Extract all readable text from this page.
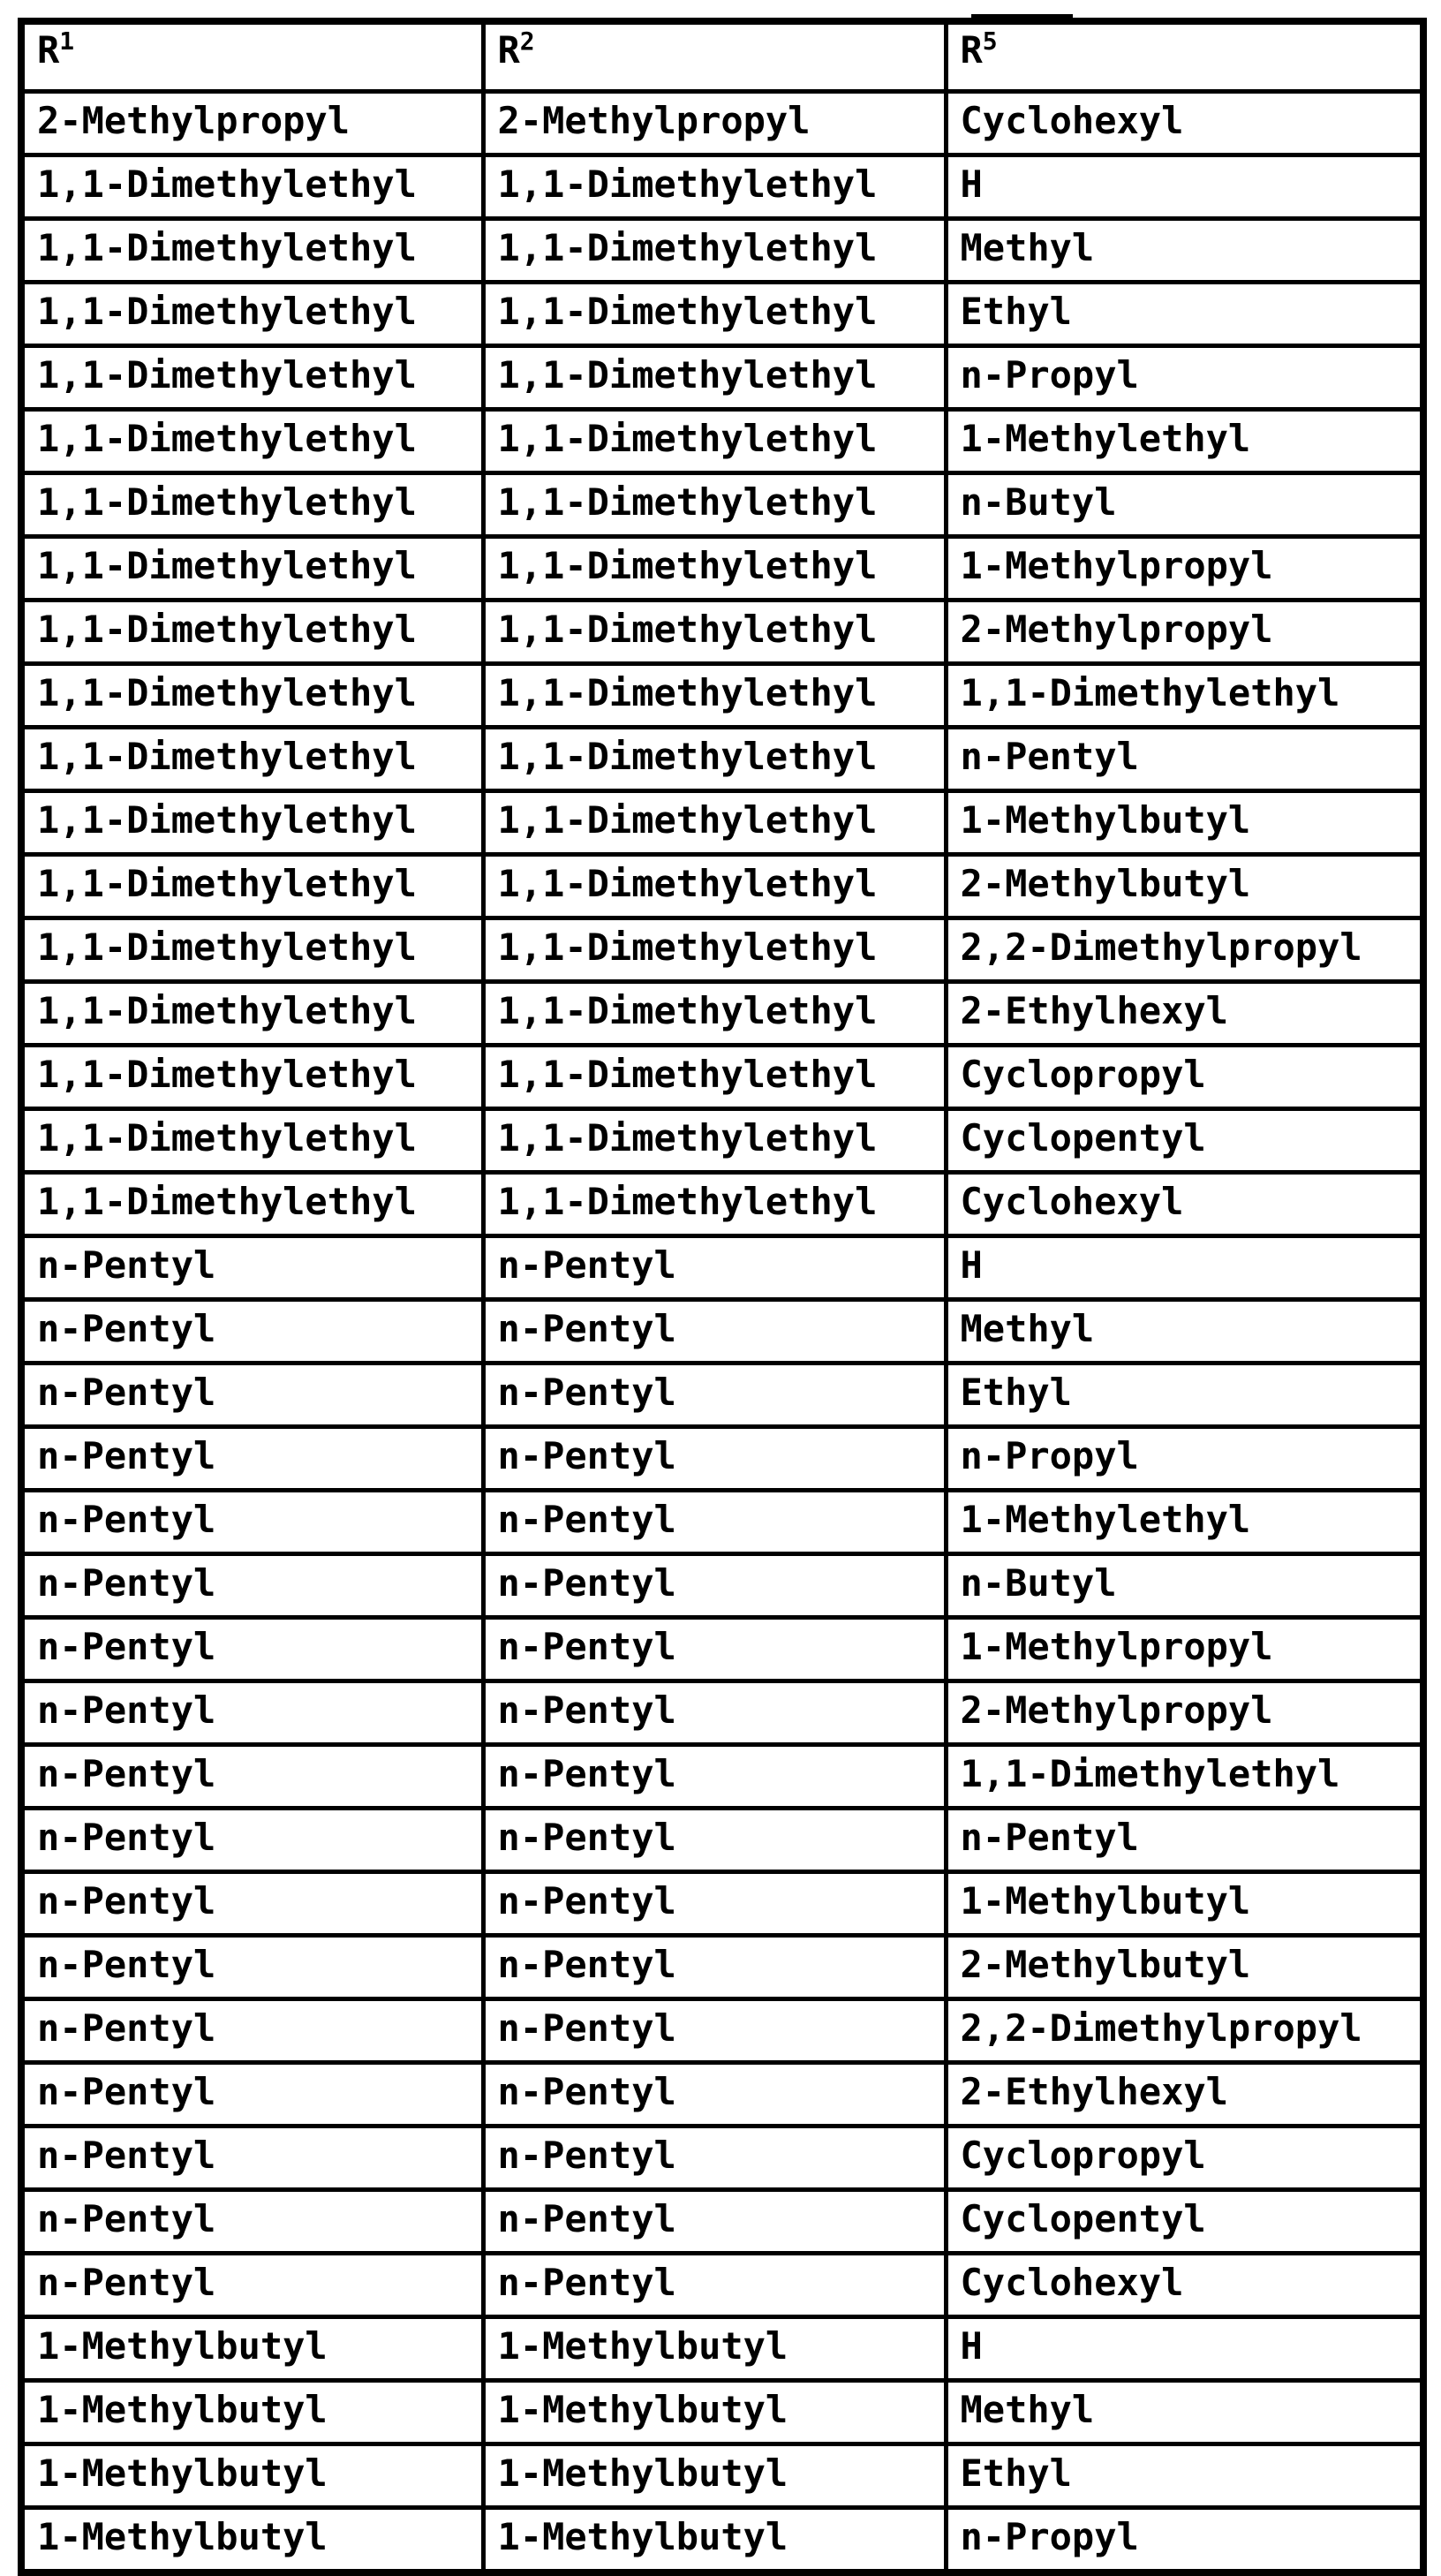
$R^1$	$R^2$	$R^5$
2-Methylpropyl	2-Methylpropyl	Cyclohexyl
1,1-Dimethylethyl	1,1-Dimethylethyl	H
1,1-Dimethylethyl	1,1-Dimethylethyl	Methyl
1,1-Dimethylethyl	1,1-Dimethylethyl	Ethyl
1,1-Dimethylethyl	1,1-Dimethylethyl	n-Propyl
1,1-Dimethylethyl	1,1-Dimethylethyl	1-Methylethyl
1,1-Dimethylethyl	1,1-Dimethylethyl	n-Butyl
1,1-Dimethylethyl	1,1-Dimethylethyl	1-Methylpropyl
1,1-Dimethylethyl	1,1-Dimethylethyl	2-Methylpropyl
1,1-Dimethylethyl	1,1-Dimethylethyl	1,1-Dimethylethyl
1,1-Dimethylethyl	1,1-Dimethylethyl	n-Pentyl
1,1-Dimethylethyl	1,1-Dimethylethyl	1-Methylbutyl
1,1-Dimethylethyl	1,1-Dimethylethyl	2-Methylbutyl
1,1-Dimethylethyl	1,1-Dimethylethyl	2,2-Dimethylpropyl
1,1-Dimethylethyl	1,1-Dimethylethyl	2-Ethylhexyl
1,1-Dimethylethyl	1,1-Dimethylethyl	Cyclopropyl
1,1-Dimethylethyl	1,1-Dimethylethyl	Cyclopentyl
1,1-Dimethylethyl	1,1-Dimethylethyl	Cyclohexyl
n-Pentyl	n-Pentyl	H
n-Pentyl	n-Pentyl	Methyl
n-Pentyl	n-Pentyl	Ethyl
n-Pentyl	n-Pentyl	n-Propyl
n-Pentyl	n-Pentyl	1-Methylethyl
n-Pentyl	n-Pentyl	n-Butyl
n-Pentyl	n-Pentyl	1-Methylpropyl
n-Pentyl	n-Pentyl	2-Methylpropyl
n-Pentyl	n-Pentyl	1,1-Dimethylethyl
n-Pentyl	n-Pentyl	n-Pentyl
n-Pentyl	n-Pentyl	1-Methylbutyl
n-Pentyl	n-Pentyl	2-Methylbutyl
n-Pentyl	n-Pentyl	2,2-Dimethylpropyl
n-Pentyl	n-Pentyl	2-Ethylhexyl
n-Pentyl	n-Pentyl	Cyclopropyl
n-Pentyl	n-Pentyl	Cyclopentyl
n-Pentyl	n-Pentyl	Cyclohexyl
1-Methylbutyl	1-Methylbutyl	H
1-Methylbutyl	1-Methylbutyl	Methyl
1-Methylbutyl	1-Methylbutyl	Ethyl
1-Methylbutyl	1-Methylbutyl	n-Propyl
